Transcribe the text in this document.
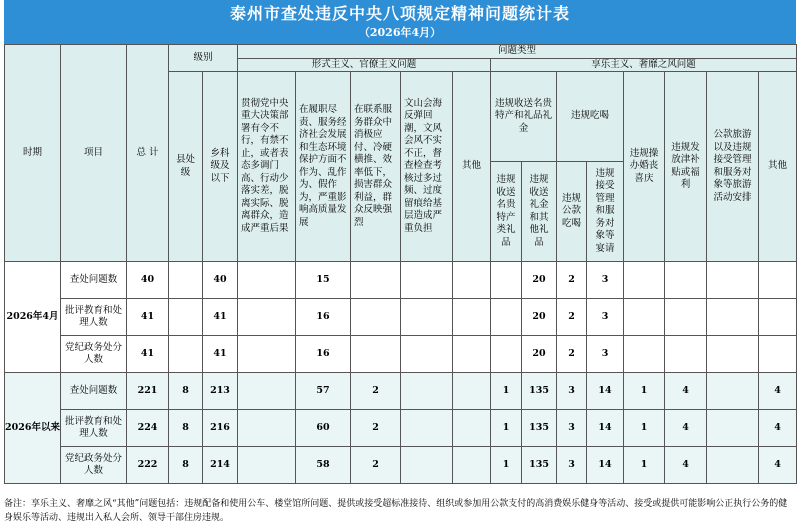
泰州市查处违反中央八项规定精神问题统计表
（2026年4月）
时期	项目	总 计	级别		问题类型												
					形式主义、官僚主义问题					享乐主义、奢靡之风问题							
			县处级	乡科级及以下	贯彻党中央重大决策部署有令不行，有禁不止，或者表态多调门高、行动少落实差，脱离实际、脱离群众，造成严重后果	在履职尽责、服务经济社会发展和生态环境保护方面不作为、乱作为、假作为，严重影响高质量发展	在联系服务群众中消极应付、冷硬横推、效率低下，损害群众利益，群众反映强烈	文山会海反弹回潮，文风会风不实不正，督查检查考核过多过频、过度留痕给基层造成严重负担	其他	违规收送名贵特产和礼品礼金		违规吃喝		违规操办婚丧喜庆	违规发放津补贴或福利	公款旅游以及违规接受管理和服务对象等旅游活动安排	其他

										违规收送名贵特产类礼品	违规收送礼金和其他礼品	违规公款吃喝	违规接受管理和服务对象等宴请				
2026年4月	查处问题数	40		40		15					20	2	3				
	批评教育和处理人数	41		41		16					20	2	3				
	党纪政务处分人数	41		41		16					20	2	3				
2026年以来	查处问题数	221	8	213		57	2			1	135	3	14	1	4		4
	批评教育和处理人数	224	8	216		60	2			1	135	3	14	1	4		4
	党纪政务处分人数	222	8	214		58	2			1	135	3	14	1	4		4
备注：享乐主义、奢靡之风“其他”问题包括：违规配备和使用公车、楼堂馆所问题、提供或接受超标准接待、组织或参加用公款支付的高消费娱乐健身等活动、接受或提供可能影响公正执行公务的健身娱乐等活动、违规出入私人会所、领导干部住房违规。
